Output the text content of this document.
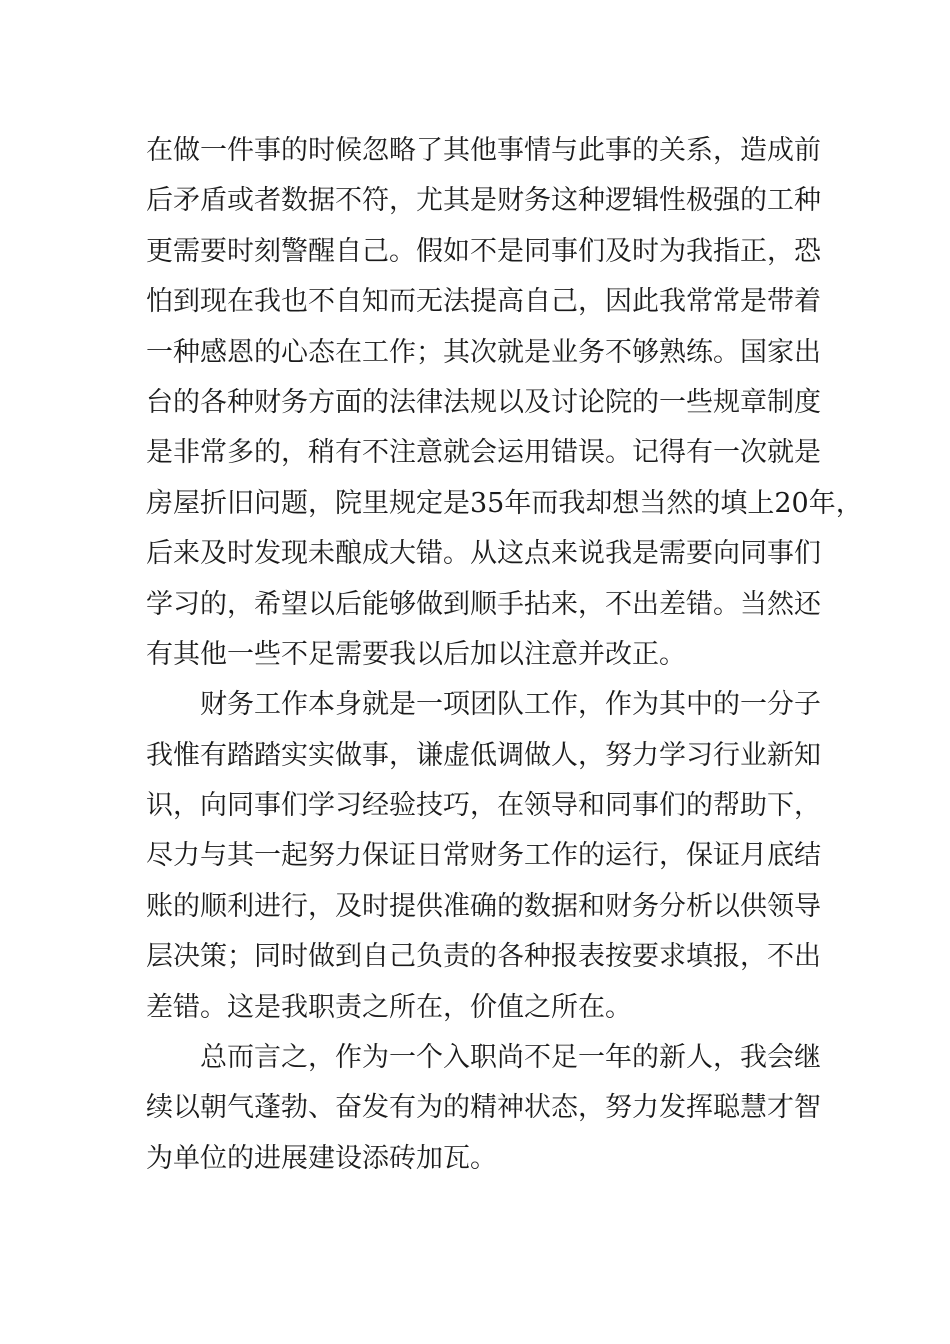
在做一件事的时候忽略了其他事情与此事的关系，造成前
后矛盾或者数据不符，尤其是财务这种逻辑性极强的工种
更需要时刻警醒自己。假如不是同事们及时为我指正，恐
怕到现在我也不自知而无法提高自己，因此我常常是带着
一种感恩的心态在工作；其次就是业务不够熟练。国家出
台的各种财务方面的法律法规以及讨论院的一些规章制度
是非常多的，稍有不注意就会运用错误。记得有一次就是
房屋折旧问题，院里规定是35年而我却想当然的填上20年，
后来及时发现未酿成大错。从这点来说我是需要向同事们
学习的，希望以后能够做到顺手拈来，不出差错。当然还
有其他一些不足需要我以后加以注意并改正。
财务工作本身就是一项团队工作，作为其中的一分子
我惟有踏踏实实做事，谦虚低调做人，努力学习行业新知
识，向同事们学习经验技巧，在领导和同事们的帮助下，
尽力与其一起努力保证日常财务工作的运行，保证月底结
账的顺利进行，及时提供准确的数据和财务分析以供领导
层决策；同时做到自己负责的各种报表按要求填报，不出
差错。这是我职责之所在，价值之所在。
总而言之，作为一个入职尚不足一年的新人，我会继
续以朝气蓬勃、奋发有为的精神状态，努力发挥聪慧才智
为单位的进展建设添砖加瓦。
